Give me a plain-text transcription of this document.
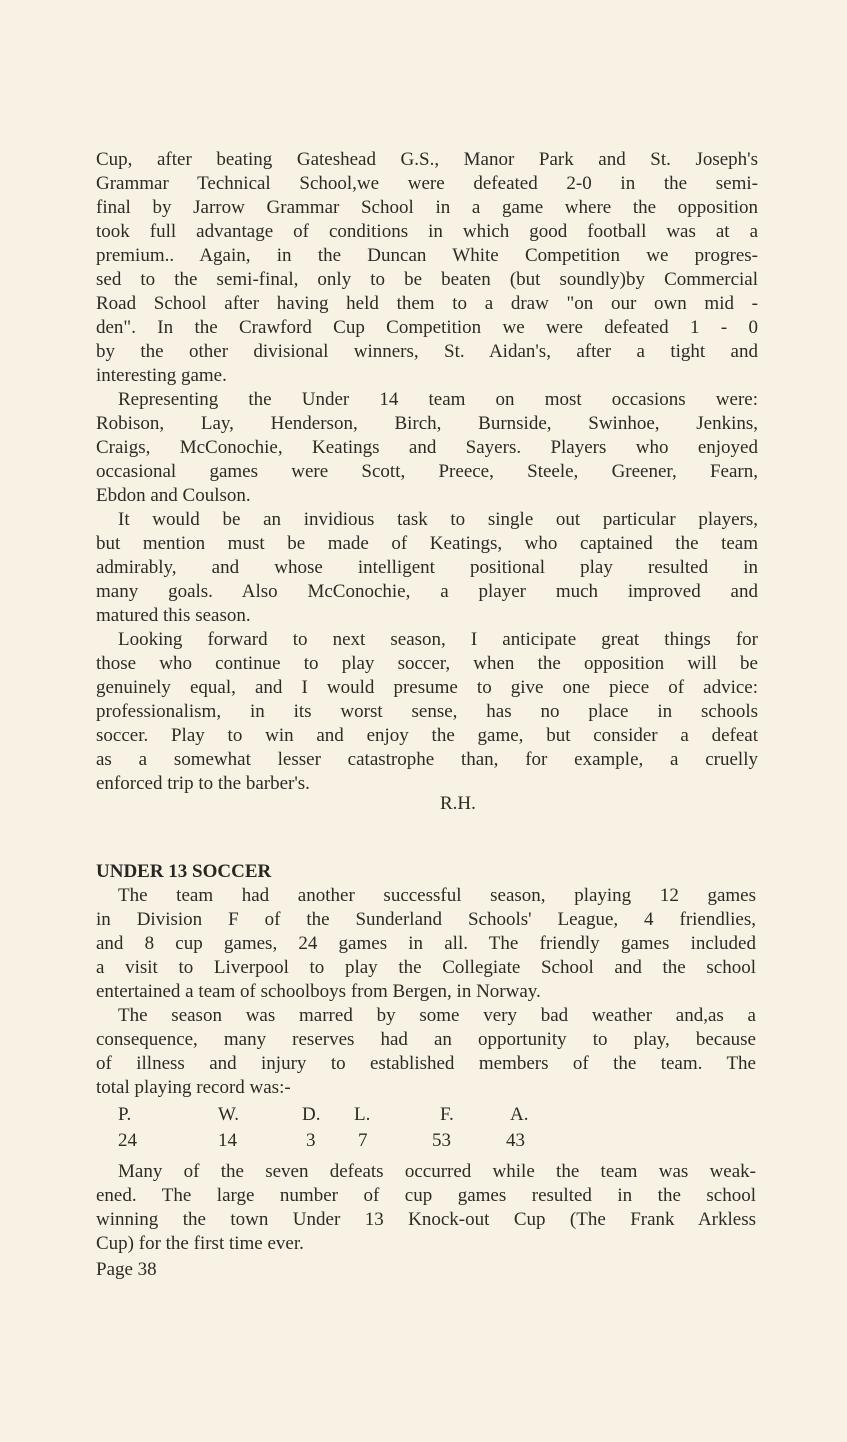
Cup, after beating Gateshead G.S., Manor Park and St. Joseph's
Grammar Technical School,we were defeated 2-0 in the semi-
final by Jarrow Grammar School in a game where the opposition
took full advantage of conditions in which good football was at a
premium.. Again, in the Duncan White Competition we progres-
sed to the semi-final, only to be beaten (but soundly)by Commercial
Road School after having held them to a draw "on our own mid -
den". In the Crawford Cup Competition we were defeated 1 - 0
by the other divisional winners, St. Aidan's, after a tight and
interesting game.
Representing the Under 14 team on most occasions were:
Robison, Lay, Henderson, Birch, Burnside, Swinhoe, Jenkins,
Craigs, McConochie, Keatings and Sayers. Players who enjoyed
occasional games were Scott, Preece, Steele, Greener, Fearn,
Ebdon and Coulson.
It would be an invidious task to single out particular players,
but mention must be made of Keatings, who captained the team
admirably, and whose intelligent positional play resulted in
many goals. Also McConochie, a player much improved and
matured this season.
Looking forward to next season, I anticipate great things for
those who continue to play soccer, when the opposition will be
genuinely equal, and I would presume to give one piece of advice:
professionalism, in its worst sense, has no place in schools
soccer. Play to win and enjoy the game, but consider a defeat
as a somewhat lesser catastrophe than, for example, a cruelly
enforced trip to the barber's.
R.H.
UNDER 13 SOCCER
The team had another successful season, playing 12 games
in Division F of the Sunderland Schools' League, 4 friendlies,
and 8 cup games, 24 games in all. The friendly games included
a visit to Liverpool to play the Collegiate School and the school
entertained a team of schoolboys from Bergen, in Norway.
The season was marred by some very bad weather and,as a
consequence, many reserves had an opportunity to play, because
of illness and injury to established members of the team. The
total playing record was:-
P.	W.	D. L.	F.	A.
24	14	3 7	53	43
Many of the seven defeats occurred while the team was weak-
ened. The large number of cup games resulted in the school
winning the town Under 13 Knock-out Cup (The Frank Arkless
Cup) for the first time ever.
Page 38
